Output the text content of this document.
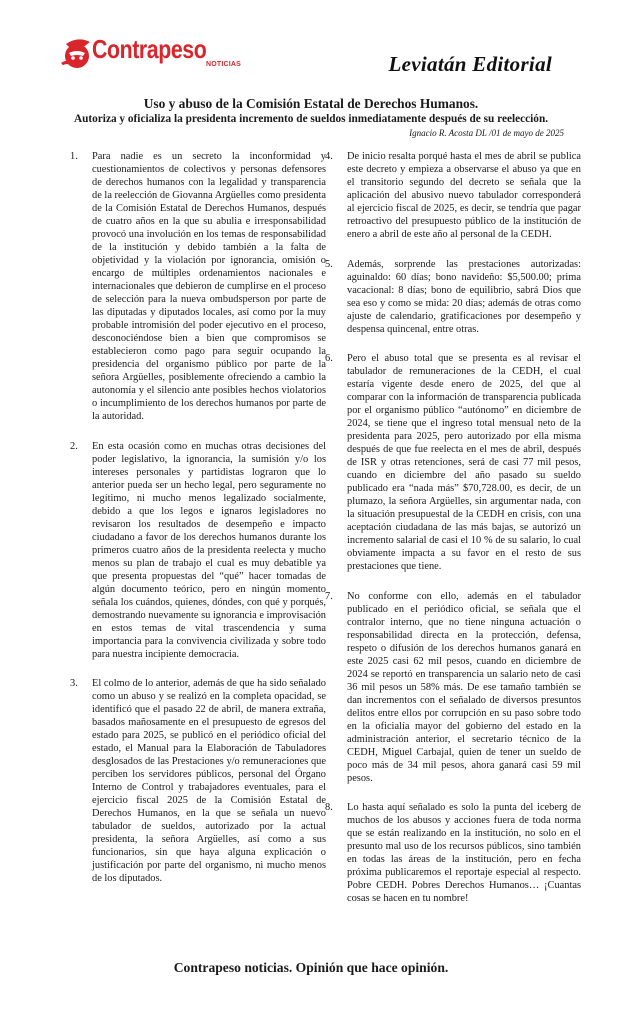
Contrapeso
NOTICIAS	Leviatán Editorial
Uso y abuso de la Comisión Estatal de Derechos Humanos.
Autoriza y oficializa la presidenta incremento de sueldos inmediatamente después de su reelección.
Ignacio R. Acosta DL /01 de mayo de 2025
1. Para nadie es un secreto la inconformidad y cuestionamientos de colectivos y personas defensores de derechos humanos con la legalidad y transparencia de la reelección de Giovanna Argüelles como presidenta de la Comisión Estatal de Derechos Humanos, después de cuatro años en la que su abulia e irresponsabilidad provocó una involución en los temas de responsabilidad de la institución y debido también a la falta de objetividad y la violación por ignorancia, omisión o encargo de múltiples ordenamientos nacionales e internacionales que debieron de cumplirse en el proceso de selección para la nueva ombudsperson por parte de las diputadas y diputados locales, así como por la muy probable intromisión del poder ejecutivo en el proceso, desconociéndose bien a bien que compromisos se establecieron como pago para seguir ocupando la presidencia del organismo público por parte de la señora Argüelles, posiblemente ofreciendo a cambio la autonomía y el silencio ante posibles hechos violatorios o incumplimiento de los derechos humanos por parte de la autoridad.
2. En esta ocasión como en muchas otras decisiones del poder legislativo, la ignorancia, la sumisión y/o los intereses personales y partidistas lograron que lo anterior pueda ser un hecho legal, pero seguramente no legítimo, ni mucho menos legalizado socialmente, debido a que los legos e ignaros legisladores no revisaron los resultados de desempeño e impacto ciudadano a favor de los derechos humanos durante los primeros cuatro años de la presidenta reelecta y mucho menos su plan de trabajo el cual es muy debatible ya que presenta propuestas del “qué” hacer tomadas de algún documento teórico, pero en ningún momento señala los cuándos, quienes, dóndes, con qué y porqués, demostrando nuevamente su ignorancia e improvisación en estos temas de vital trascendencia y suma importancia para la convivencia civilizada y sobre todo para nuestra incipiente democracia.
3. El colmo de lo anterior, además de que ha sido señalado como un abuso y se realizó en la completa opacidad, se identificó que el pasado 22 de abril, de manera extraña, basados mañosamente en el presupuesto de egresos del estado para 2025, se publicó en el periódico oficial del estado, el Manual para la Elaboración de Tabuladores desglosados de las Prestaciones y/o remuneraciones que perciben los servidores públicos, personal del Órgano Interno de Control y trabajadores eventuales, para el ejercicio fiscal 2025 de la Comisión Estatal de Derechos Humanos, en la que se señala un nuevo tabulador de sueldos, autorizado por la actual presidenta, la señora Argüelles, así como a sus funcionarios, sin que haya alguna explicación o justificación por parte del organismo, ni mucho menos de los diputados.
4. De inicio resalta porqué hasta el mes de abril se publica este decreto y empieza a observarse el abuso ya que en el transitorio segundo del decreto se señala que la aplicación del abusivo nuevo tabulador corresponderá al ejercicio fiscal de 2025, es decir, se tendría que pagar retroactivo del presupuesto público de la institución de enero a abril de este año al personal de la CEDH.
5. Además, sorprende las prestaciones autorizadas: aguinaldo: 60 días; bono navideño: $5,500.00; prima vacacional: 8 días; bono de equilibrio, sabrá Dios que sea eso y como se mida: 20 días; además de otras como ajuste de calendario, gratificaciones por desempeño y despensa quincenal, entre otras.
6. Pero el abuso total que se presenta es al revisar el tabulador de remuneraciones de la CEDH, el cual estaría vigente desde enero de 2025, del que al comparar con la información de transparencia publicada por el organismo público “autónomo” en diciembre de 2024, se tiene que el ingreso total mensual neto de la presidenta para 2025, pero autorizado por ella misma después de que fue reelecta en el mes de abril, después de ISR y otras retenciones, será de casi 77 mil pesos, cuando en diciembre del año pasado su sueldo publicado era “nada más” $70,728.00, es decir, de un plumazo, la señora Argüelles, sin argumentar nada, con la situación presupuestal de la CEDH en crisis, con una aceptación ciudadana de las más bajas, se autorizó un incremento salarial de casi el 10 % de su salario, lo cual obviamente impacta a su favor en el resto de sus prestaciones que tiene.
7. No conforme con ello, además en el tabulador publicado en el periódico oficial, se señala que el contralor interno, que no tiene ninguna actuación o responsabilidad directa en la protección, defensa, respeto o difusión de los derechos humanos ganará en este 2025 casi 62 mil pesos, cuando en diciembre de 2024 se reportó en transparencia un salario neto de casi 36 mil pesos un 58% más. De ese tamaño también se dan incrementos con el señalado de diversos presuntos delitos entre ellos por corrupción en su paso sobre todo en la oficialía mayor del gobierno del estado en la administración anterior, el secretario técnico de la CEDH, Miguel Carbajal, quien de tener un sueldo de poco más de 34 mil pesos, ahora ganará casi 59 mil pesos.
8. Lo hasta aquí señalado es solo la punta del iceberg de muchos de los abusos y acciones fuera de toda norma que se están realizando en la institución, no solo en el presunto mal uso de los recursos públicos, sino también en todas las áreas de la institución, pero en fecha próxima publicaremos el reportaje especial al respecto. Pobre CEDH. Pobres Derechos Humanos… ¡Cuantas cosas se hacen en tu nombre!
Contrapeso noticias. Opinión que hace opinión.
